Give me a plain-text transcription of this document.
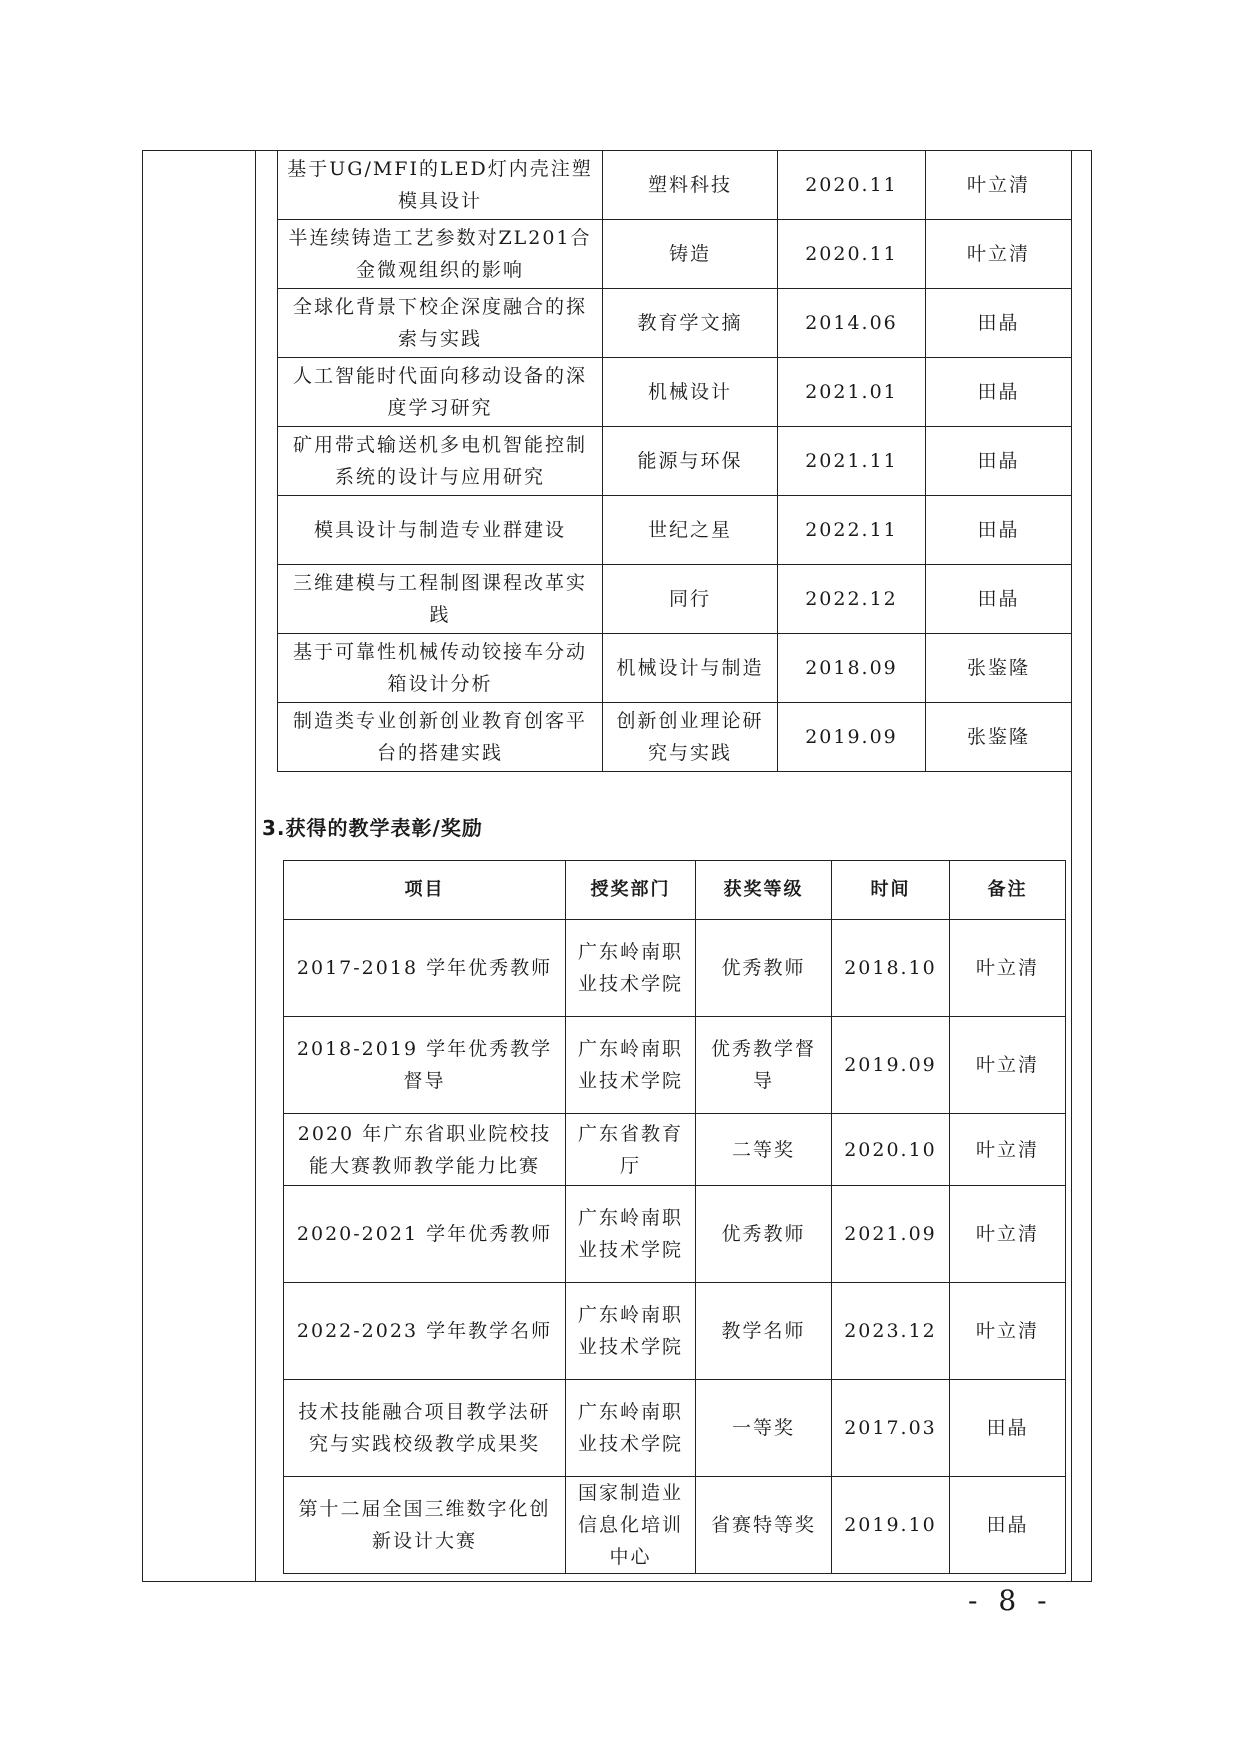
基于UG/MFI的LED灯内壳注塑模具设计	塑料科技	2020.11	叶立清
半连续铸造工艺参数对ZL201合金微观组织的影响	铸造	2020.11	叶立清
全球化背景下校企深度融合的探索与实践	教育学文摘	2014.06	田晶
人工智能时代面向移动设备的深度学习研究	机械设计	2021.01	田晶
矿用带式输送机多电机智能控制系统的设计与应用研究	能源与环保	2021.11	田晶
模具设计与制造专业群建设	世纪之星	2022.11	田晶
三维建模与工程制图课程改革实践	同行	2022.12	田晶
基于可靠性机械传动铰接车分动箱设计分析	机械设计与制造	2018.09	张鉴隆
制造类专业创新创业教育创客平台的搭建实践	创新创业理论研究与实践	2019.09	张鉴隆
3.获得的教学表彰/奖励
项目	授奖部门	获奖等级	时间	备注
2017-2018 学年优秀教师	广东岭南职业技术学院	优秀教师	2018.10	叶立清
2018-2019 学年优秀教学督导	广东岭南职业技术学院	优秀教学督导	2019.09	叶立清
2020 年广东省职业院校技能大赛教师教学能力比赛	广东省教育厅	二等奖	2020.10	叶立清
2020-2021 学年优秀教师	广东岭南职业技术学院	优秀教师	2021.09	叶立清
2022-2023 学年教学名师	广东岭南职业技术学院	教学名师	2023.12	叶立清
技术技能融合项目教学法研究与实践校级教学成果奖	广东岭南职业技术学院	一等奖	2017.03	田晶
第十二届全国三维数字化创新设计大赛	国家制造业信息化培训中心	省赛特等奖	2019.10	田晶
- 8 -
